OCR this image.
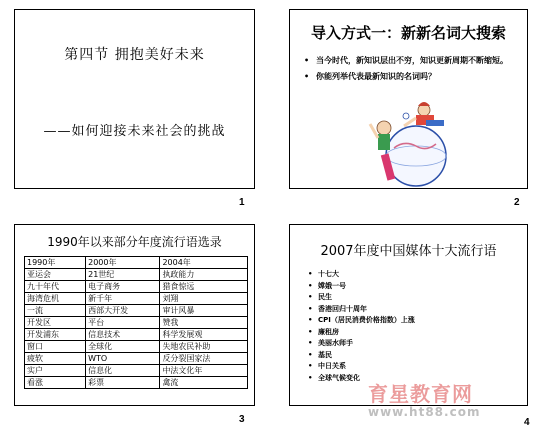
第四节 拥抱美好未来
——如何迎接未来社会的挑战
1
导入方式一：新新名词大搜索
• 当今时代，新知识层出不穷，知识更新周期不断缩短。
• 你能列举代表最新知识的名词吗？
2
1990年以来部分年度流行语选录
1990年	2000年	2004年
亚运会	21世纪	执政能力
九十年代	电子商务	猎食惊远
海湾危机	新千年	刘翔
一流	西部大开发	审计风暴
开发区	平台	赞我
开发浦东	信息技术	科学发展观
窗口	全球化	失地农民补助
疲软	WTO	反分裂国家法
实户	信息化	中法文化年
看涨	彩票	禽流
3
2007年度中国媒体十大流行语
• 十七大
• 嫦娥一号
• 民生
• 香港回归十周年
• CPI（居民消费价格指数）上涨
• 廉租房
• 美丽水师手
• 基民
• 中日关系
• 全球气候变化
4
育星教育网
www.ht88.com
